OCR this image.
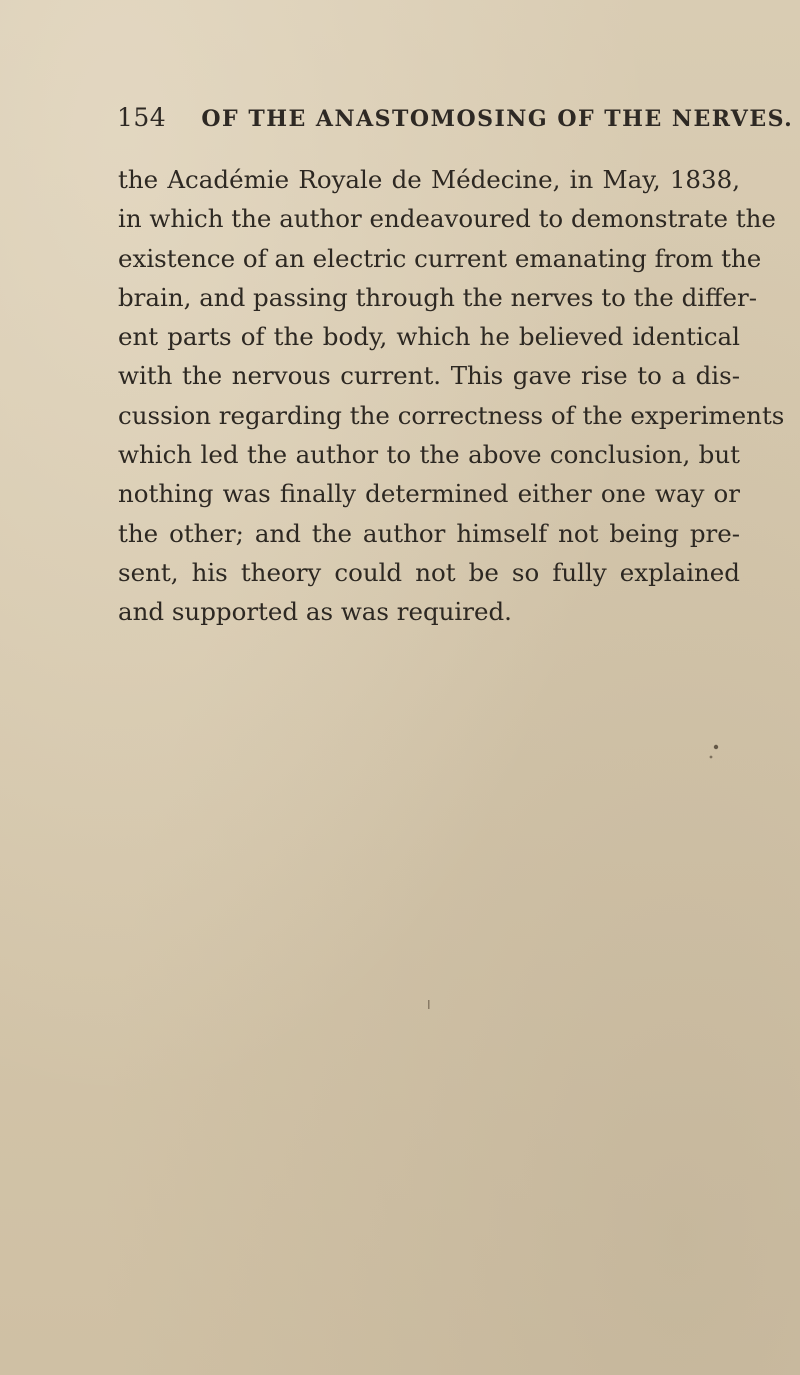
154 OF THE ANASTOMOSING OF THE NERVES.
the Académie Royale de Médecine, in May, 1838,
in which the author endeavoured to demonstrate the
existence of an electric current emanating from the
brain, and passing through the nerves to the differ-
ent parts of the body, which he believed identical
with the nervous current. This gave rise to a dis-
cussion regarding the correctness of the experiments
which led the author to the above conclusion, but
nothing was finally determined either one way or
the other; and the author himself not being pre-
sent, his theory could not be so fully explained
and supported as was required.
